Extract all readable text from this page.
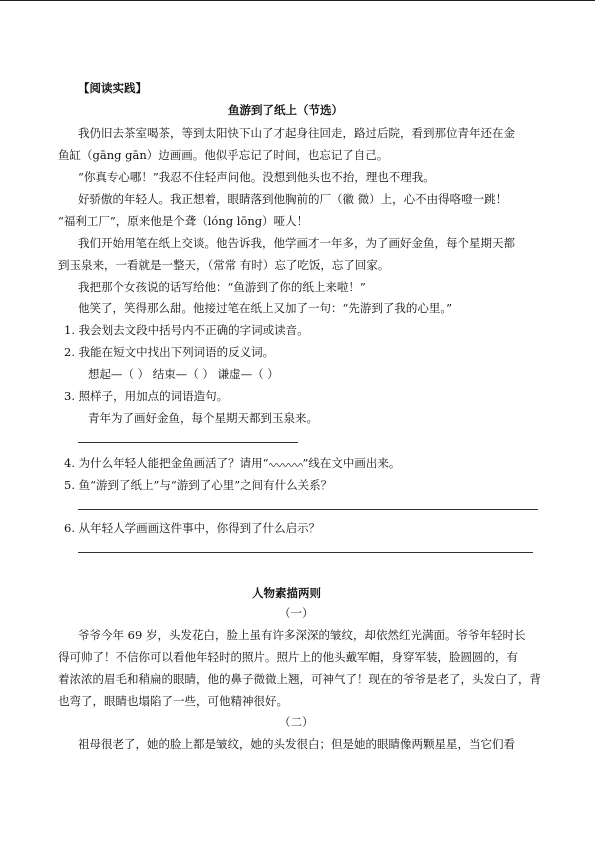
【阅读实践】
鱼游到了纸上（节选）
我仍旧去茶室喝茶，等到太阳快下山了才起身往回走，路过后院，看到那位青年还在金
鱼缸（gāng gān）边画画。他似乎忘记了时间，也忘记了自己。
“你真专心哪！”我忍不住轻声问他。没想到他头也不抬，理也不理我。
好骄傲的年轻人。我正想着，眼睛落到他胸前的厂（徽 微）上，心不由得咯噔一跳！
“福利工厂”，原来他是个聋（lóng lōng）哑人！
我们开始用笔在纸上交谈。他告诉我，他学画才一年多，为了画好金鱼，每个星期天都
到玉泉来，一看就是一整天，（常常 有时）忘了吃饭，忘了回家。
我把那个女孩说的话写给他：“鱼游到了你的纸上来啦！”
他笑了，笑得那么甜。他接过笔在纸上又加了一句：“先游到了我的心里。”
1. 我会划去文段中括号内不正确的字词或读音。
2. 我能在短文中找出下列词语的反义词。
想起—（ ） 结束—（ ） 谦虚—（ ）
3. 照样子，用加点的词语造句。
青年为了画好金鱼，每个星期天都到玉泉来。
4. 为什么年轻人能把金鱼画活了？请用“	”线在文中画出来。
5. 鱼“游到了纸上”与“游到了心里”之间有什么关系？
6. 从年轻人学画画这件事中，你得到了什么启示？
人物素描两则
（一）
爷爷今年 69 岁，头发花白，脸上虽有许多深深的皱纹，却依然红光满面。爷爷年轻时长
得可帅了！不信你可以看他年轻时的照片。照片上的他头戴军帽，身穿军装，脸圆圆的，有
着浓浓的眉毛和稍扁的眼睛，他的鼻子微微上翘，可神气了！现在的爷爷是老了，头发白了，背
也弯了，眼睛也塌陷了一些，可他精神很好。
（二）
祖母很老了，她的脸上都是皱纹，她的头发很白；但是她的眼睛像两颗星星，当它们看
